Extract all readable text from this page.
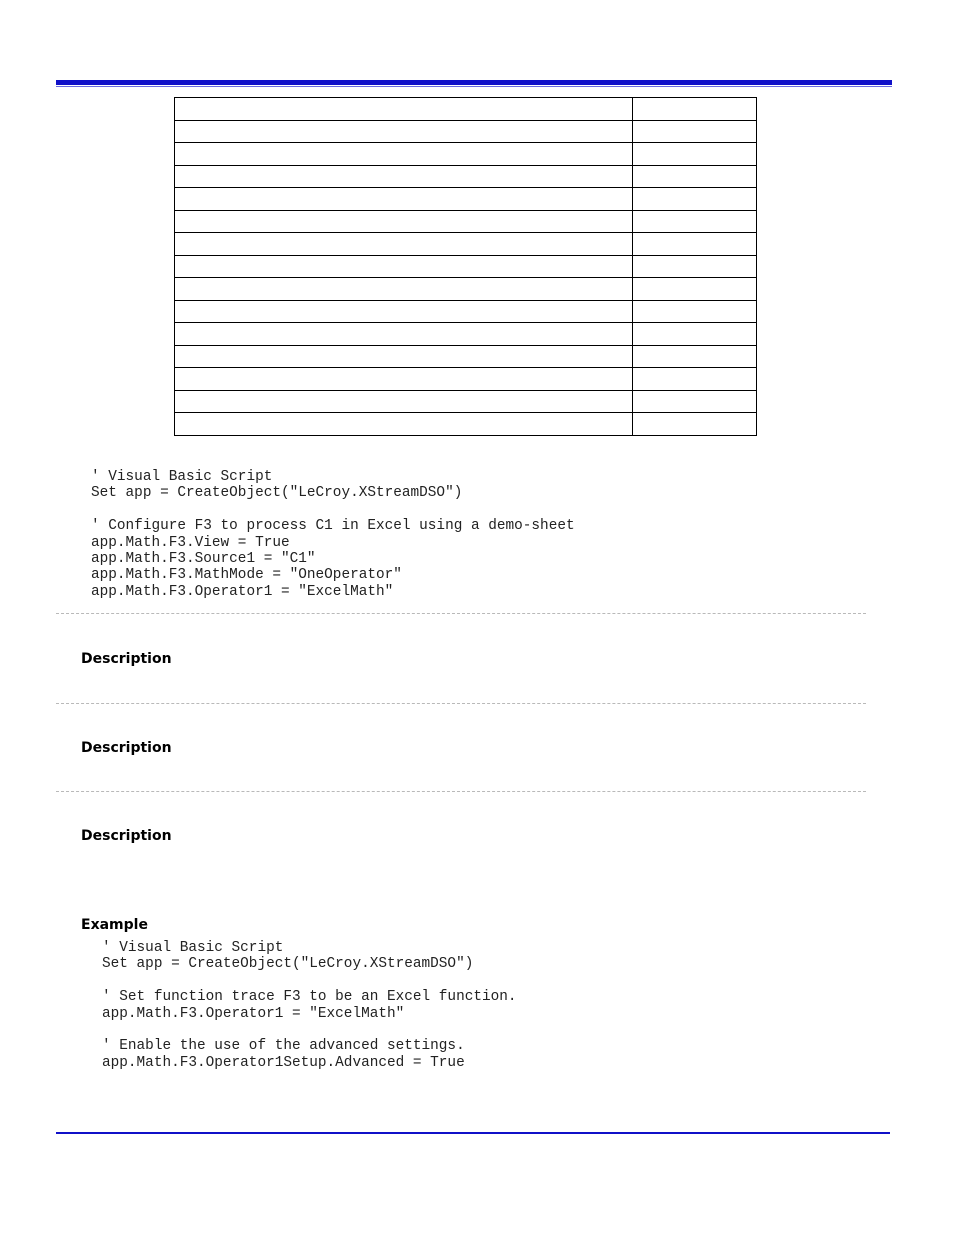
' Visual Basic Script
Set app = CreateObject("LeCroy.XStreamDSO")

' Configure F3 to process C1 in Excel using a demo-sheet
app.Math.F3.View = True
app.Math.F3.Source1 = "C1"
app.Math.F3.MathMode = "OneOperator"
app.Math.F3.Operator1 = "ExcelMath"
Description
Description
Description
Example
' Visual Basic Script
Set app = CreateObject("LeCroy.XStreamDSO")

' Set function trace F3 to be an Excel function.
app.Math.F3.Operator1 = "ExcelMath"

' Enable the use of the advanced settings.
app.Math.F3.Operator1Setup.Advanced = True
